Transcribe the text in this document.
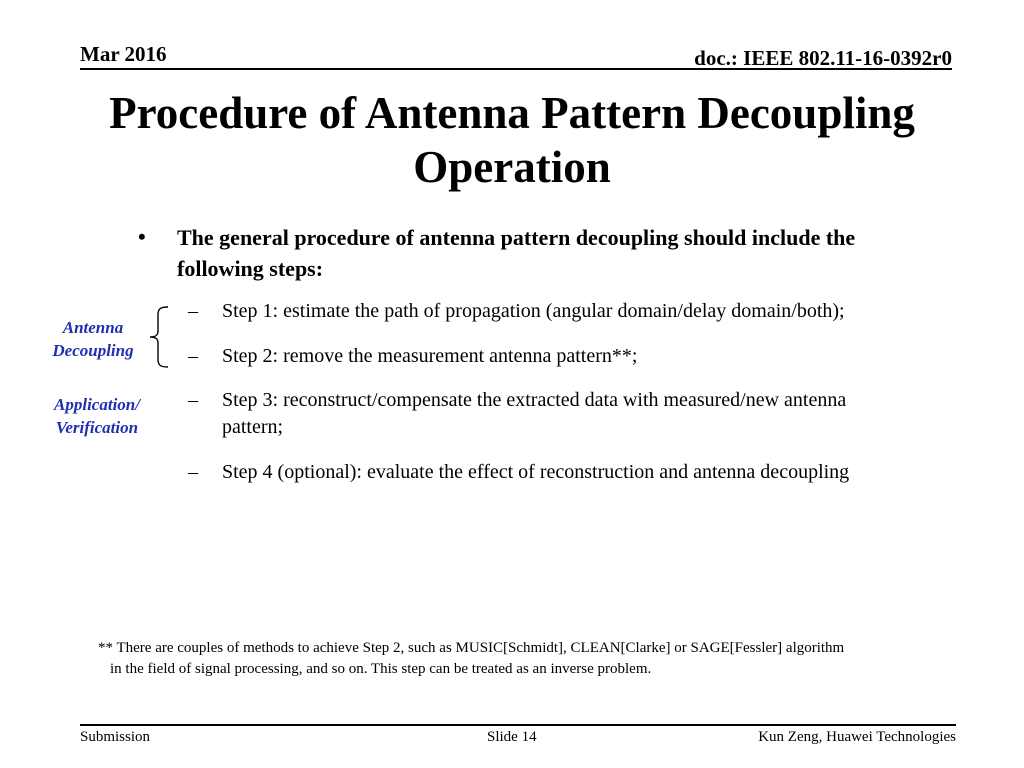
Mar 2016	doc.: IEEE 802.11-16-0392r0
Procedure of Antenna Pattern Decoupling
Operation
• The general procedure of antenna pattern decoupling should include the following steps:
– Step 1: estimate the path of propagation (angular domain/delay domain/both);
– Step 2: remove the measurement antenna pattern**;
– Step 3: reconstruct/compensate the extracted data with measured/new antenna pattern;
– Step 4 (optional): evaluate the effect of reconstruction and antenna decoupling
Antenna
Decoupling
Application/
Verification
** There are couples of methods to achieve Step 2, such as MUSIC[Schmidt], CLEAN[Clarke] or SAGE[Fessler] algorithm
in the field of signal processing, and so on. This step can be treated as an inverse problem.
Submission	Slide 14	Kun Zeng, Huawei Technologies
